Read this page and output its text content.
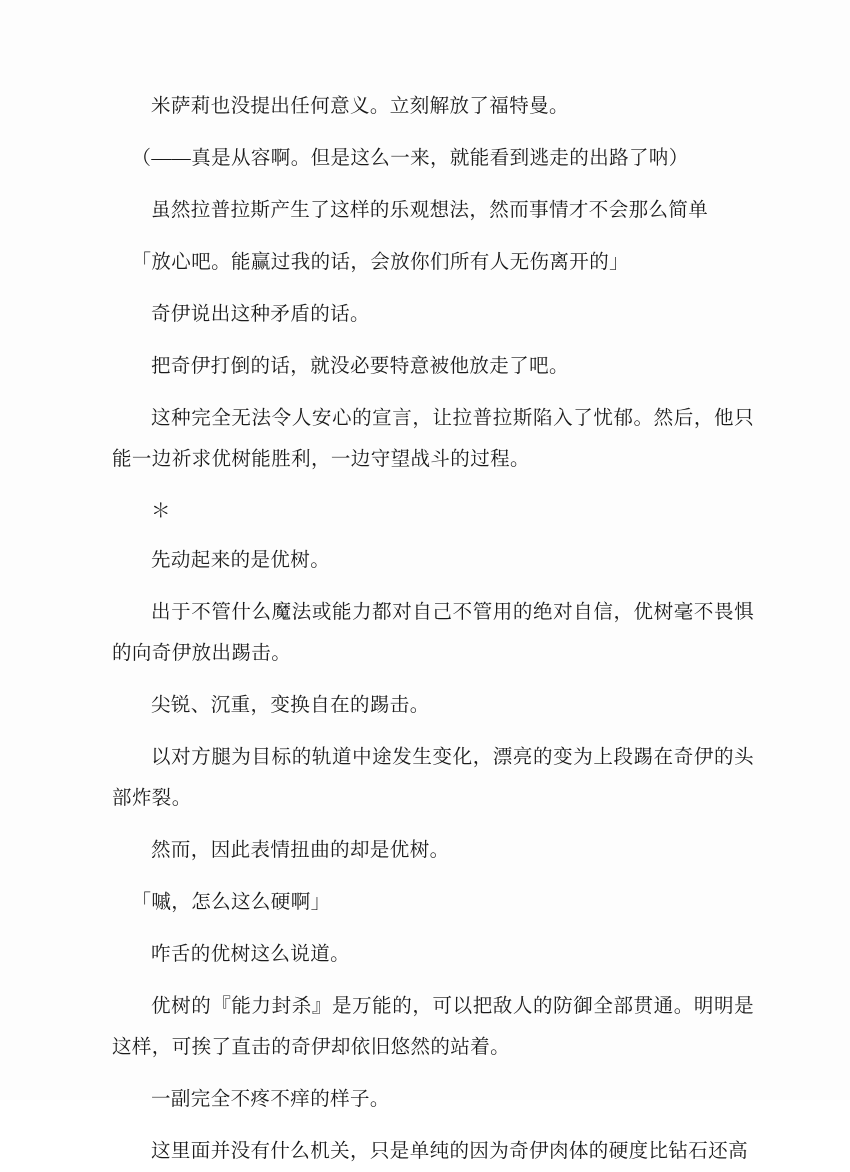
米萨莉也没提出任何意义。立刻解放了福特曼。

（——真是从容啊。但是这么一来，就能看到逃走的出路了呐）

虽然拉普拉斯产生了这样的乐观想法，然而事情才不会那么简单

「放心吧。能赢过我的话，会放你们所有人无伤离开的」

奇伊说出这种矛盾的话。

把奇伊打倒的话，就没必要特意被他放走了吧。

这种完全无法令人安心的宣言，让拉普拉斯陷入了忧郁。然后，他只能一边祈求优树能胜利，一边守望战斗的过程。

＊

先动起来的是优树。

出于不管什么魔法或能力都对自己不管用的绝对自信，优树毫不畏惧的向奇伊放出踢击。

尖锐、沉重，变换自在的踢击。

以对方腿为目标的轨道中途发生变化，漂亮的变为上段踢在奇伊的头部炸裂。

然而，因此表情扭曲的却是优树。

「嘁，怎么这么硬啊」

咋舌的优树这么说道。

优树的『能力封杀』是万能的，可以把敌人的防御全部贯通。明明是这样，可挨了直击的奇伊却依旧悠然的站着。

一副完全不疼不痒的样子。

这里面并没有什么机关，只是单纯的因为奇伊肉体的硬度比钻石还高
